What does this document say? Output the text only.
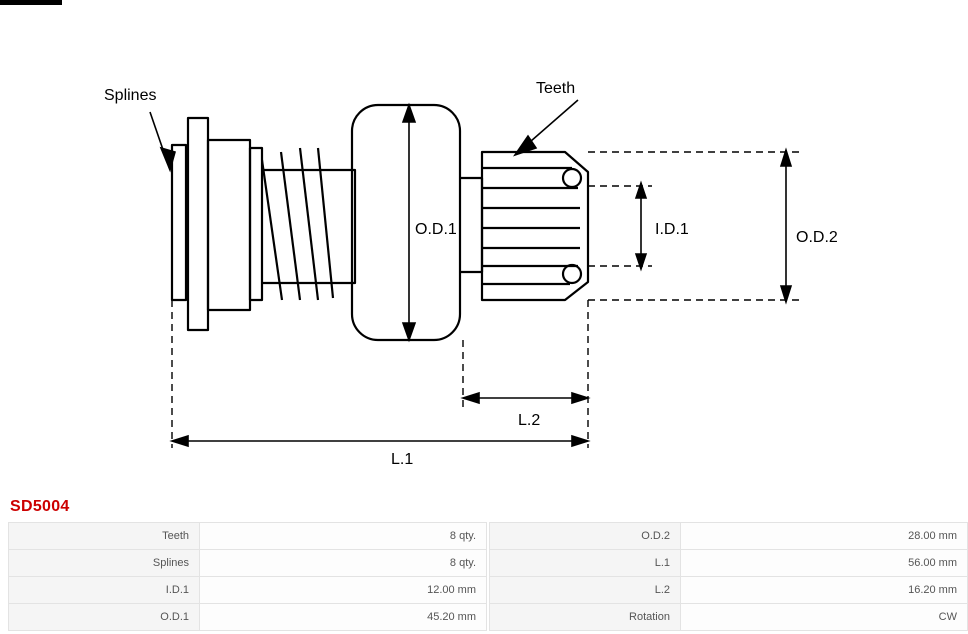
Splines	Teeth
O.D.1	I.D.1	O.D.2
L.1
L.2
SD5004
Teeth	8 qty.		O.D.2	28.00 mm
Splines	8 qty.		L.1	56.00 mm
I.D.1	12.00 mm		L.2	16.20 mm
O.D.1	45.20 mm		Rotation	CW
